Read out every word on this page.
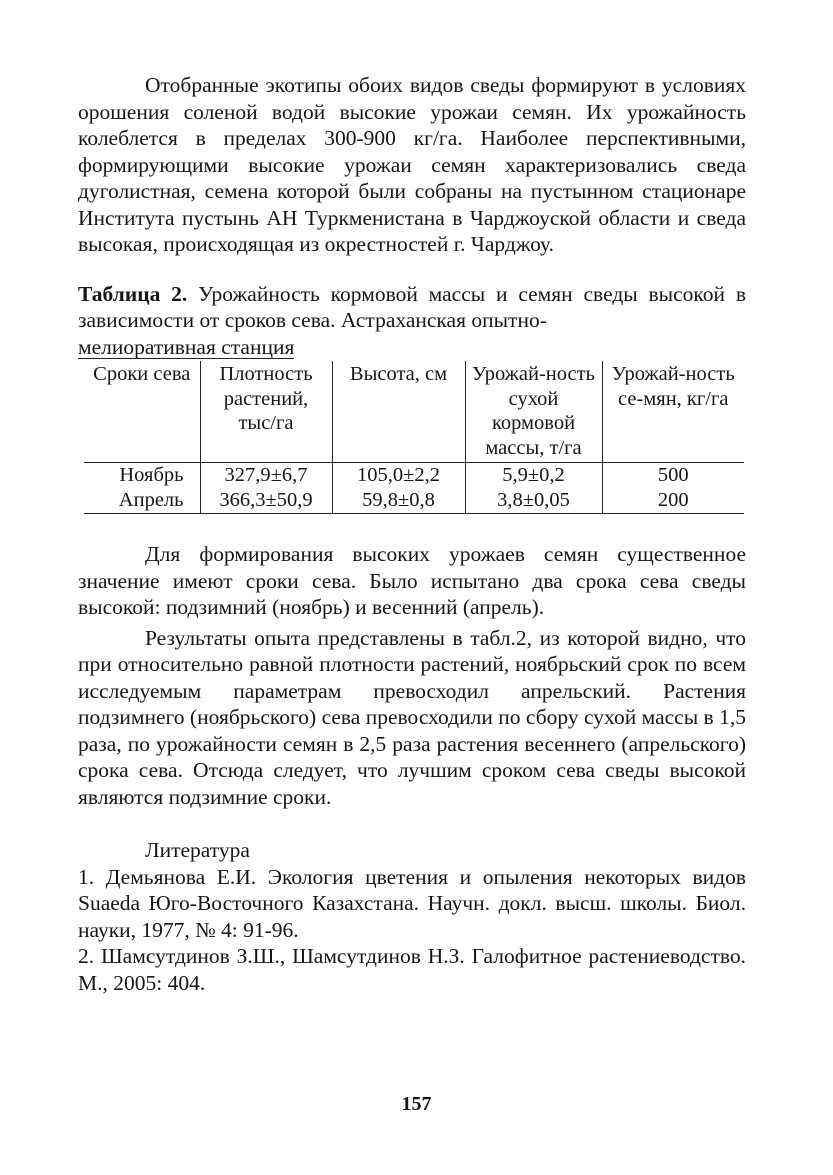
Отобранные экотипы обоих видов сведы формируют в условиях орошения соленой водой высокие урожаи семян. Их урожайность колеблется в пределах 300-900 кг/га. Наиболее перспективными, формирующими высокие урожаи семян характеризовались сведа дуголистная, семена которой были собраны на пустынном стационаре Института пустынь АН Туркменистана в Чарджоуской области и сведа высокая, происходящая из окрестностей г. Чарджоу.

Таблица 2. Урожайность кормовой массы и семян сведы высокой в зависимости от сроков сева. Астраханская опытно-
мелиоративная станция
Сроки сева	Плотность растений, тыс/га	Высота, см	Урожай-ность сухой кормовой массы, т/га	Урожай-ность се-мян, кг/га
Ноябрь	327,9±6,7	105,0±2,2	5,9±0,2	500
Апрель	366,3±50,9	59,8±0,8	3,8±0,05	200

Для формирования высоких урожаев семян существенное значение имеют сроки сева. Было испытано два срока сева сведы высокой: подзимний (ноябрь) и весенний (апрель).

Результаты опыта представлены в табл.2, из которой видно, что при относительно равной плотности растений, ноябрьский срок по всем исследуемым параметрам превосходил апрельский. Растения подзимнего (ноябрьского) сева превосходили по сбору сухой массы в 1,5 раза, по урожайности семян в 2,5 раза растения весеннего (апрельского) срока сева. Отсюда следует, что лучшим сроком сева сведы высокой являются подзимние сроки.

Литература

1. Демьянова Е.И. Экология цветения и опыления некоторых видов Suaeda Юго-Восточного Казахстана. Научн. докл. высш. школы. Биол. науки, 1977, № 4: 91-96.

2. Шамсутдинов З.Ш., Шамсутдинов Н.З. Галофитное растениеводство. М., 2005: 404.

157
